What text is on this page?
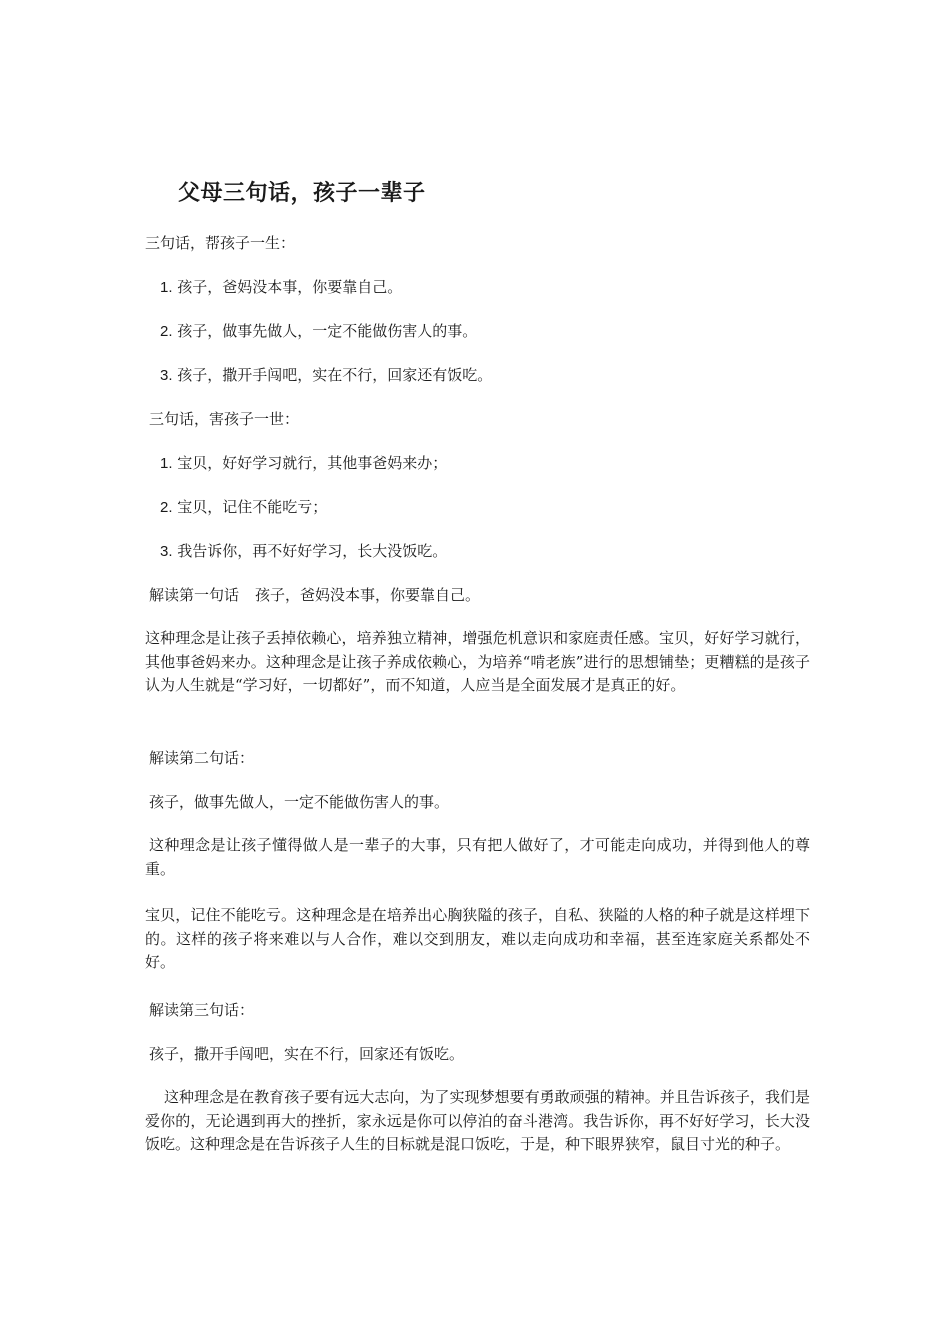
父母三句话，孩子一辈子

三句话，帮孩子一生：

1. 孩子，爸妈没本事，你要靠自己。

2. 孩子，做事先做人，一定不能做伤害人的事。

3. 孩子，撒开手闯吧，实在不行，回家还有饭吃。

三句话，害孩子一世：

1. 宝贝，好好学习就行，其他事爸妈来办；

2. 宝贝，记住不能吃亏；

3. 我告诉你，再不好好学习，长大没饭吃。

解读第一句话 孩子，爸妈没本事，你要靠自己。

这种理念是让孩子丢掉依赖心，培养独立精神，增强危机意识和家庭责任感。宝贝，好好学习就行，其他事爸妈来办。这种理念是让孩子养成依赖心，为培养“啃老族”进行的思想铺垫；更糟糕的是孩子认为人生就是“学习好，一切都好”，而不知道，人应当是全面发展才是真正的好。

解读第二句话：

孩子，做事先做人，一定不能做伤害人的事。

这种理念是让孩子懂得做人是一辈子的大事，只有把人做好了，才可能走向成功，并得到他人的尊重。

宝贝，记住不能吃亏。这种理念是在培养出心胸狭隘的孩子，自私、狭隘的人格的种子就是这样埋下的。这样的孩子将来难以与人合作，难以交到朋友，难以走向成功和幸福，甚至连家庭关系都处不好。

解读第三句话：

孩子，撒开手闯吧，实在不行，回家还有饭吃。

这种理念是在教育孩子要有远大志向，为了实现梦想要有勇敢顽强的精神。并且告诉孩子，我们是爱你的，无论遇到再大的挫折，家永远是你可以停泊的奋斗港湾。我告诉你，再不好好学习，长大没饭吃。这种理念是在告诉孩子人生的目标就是混口饭吃，于是，种下眼界狭窄，鼠目寸光的种子。
